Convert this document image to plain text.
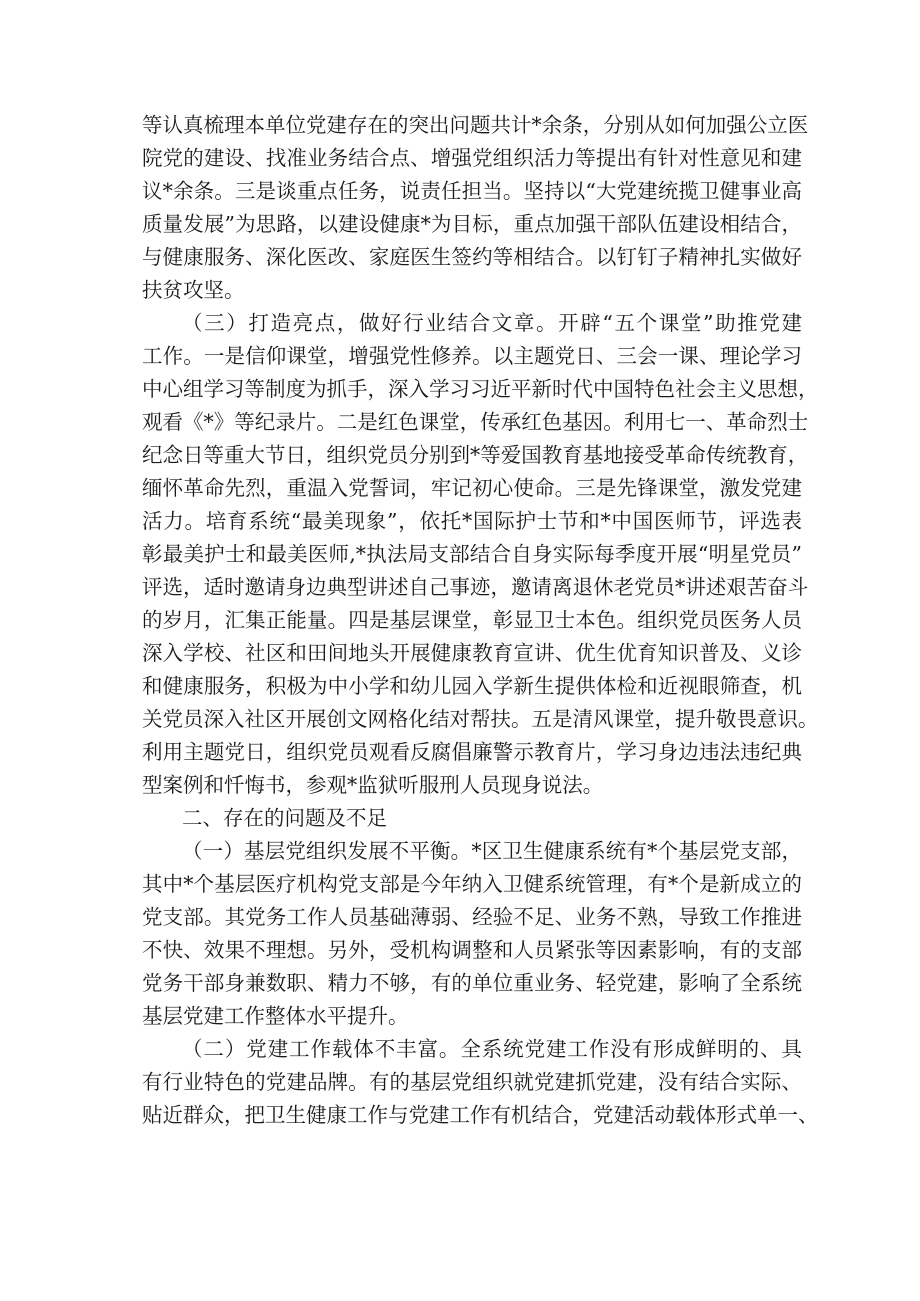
等认真梳理本单位党建存在的突出问题共计*余条，分别从如何加强公立医
院党的建设、找准业务结合点、增强党组织活力等提出有针对性意见和建
议*余条。三是谈重点任务，说责任担当。坚持以“大党建统揽卫健事业高
质量发展”为思路，以建设健康*为目标，重点加强干部队伍建设相结合，
与健康服务、深化医改、家庭医生签约等相结合。以钉钉子精神扎实做好
扶贫攻坚。
（三）打造亮点，做好行业结合文章。开辟“五个课堂”助推党建
工作。一是信仰课堂，增强党性修养。以主题党日、三会一课、理论学习
中心组学习等制度为抓手，深入学习习近平新时代中国特色社会主义思想，
观看《*》等纪录片。二是红色课堂，传承红色基因。利用七一、革命烈士
纪念日等重大节日，组织党员分别到*等爱国教育基地接受革命传统教育，
缅怀革命先烈，重温入党誓词，牢记初心使命。三是先锋课堂，激发党建
活力。培育系统“最美现象”，依托*国际护士节和*中国医师节，评选表
彰最美护士和最美医师,*执法局支部结合自身实际每季度开展“明星党员”
评选，适时邀请身边典型讲述自己事迹，邀请离退休老党员*讲述艰苦奋斗
的岁月，汇集正能量。四是基层课堂，彰显卫士本色。组织党员医务人员
深入学校、社区和田间地头开展健康教育宣讲、优生优育知识普及、义诊
和健康服务，积极为中小学和幼儿园入学新生提供体检和近视眼筛查，机
关党员深入社区开展创文网格化结对帮扶。五是清风课堂，提升敬畏意识。
利用主题党日，组织党员观看反腐倡廉警示教育片，学习身边违法违纪典
型案例和忏悔书，参观*监狱听服刑人员现身说法。
二、存在的问题及不足
（一）基层党组织发展不平衡。*区卫生健康系统有*个基层党支部，
其中*个基层医疗机构党支部是今年纳入卫健系统管理，有*个是新成立的
党支部。其党务工作人员基础薄弱、经验不足、业务不熟，导致工作推进
不快、效果不理想。另外，受机构调整和人员紧张等因素影响，有的支部
党务干部身兼数职、精力不够，有的单位重业务、轻党建，影响了全系统
基层党建工作整体水平提升。
（二）党建工作载体不丰富。全系统党建工作没有形成鲜明的、具
有行业特色的党建品牌。有的基层党组织就党建抓党建，没有结合实际、
贴近群众，把卫生健康工作与党建工作有机结合，党建活动载体形式单一、
